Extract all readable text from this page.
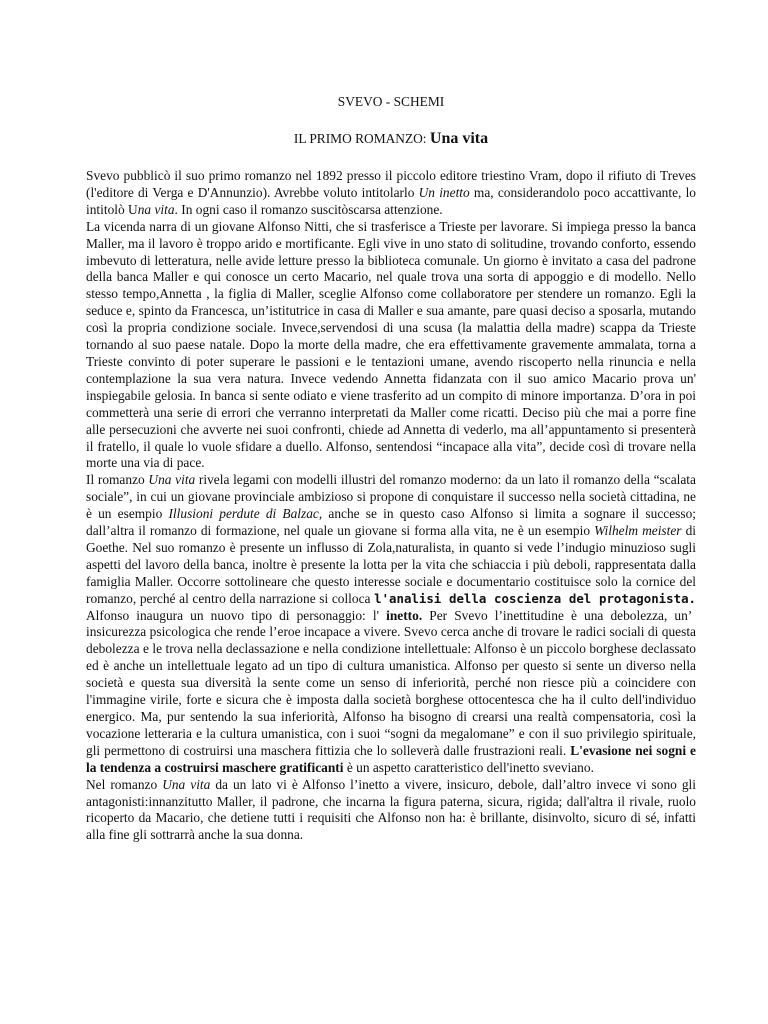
SVEVO - SCHEMI
IL PRIMO ROMANZO: Una vita

Svevo pubblicò il suo primo romanzo nel 1892 presso il piccolo editore triestino Vram, dopo il rifiuto di Treves (l'editore di Verga e D'Annunzio). Avrebbe voluto intitolarlo Un inetto ma, considerandolo poco accattivante, lo intitolò Una vita. In ogni caso il romanzo suscitòscarsa attenzione.

La vicenda narra di un giovane Alfonso Nitti, che si trasferisce a Trieste per lavorare. Si impiega presso la banca Maller, ma il lavoro è troppo arido e mortificante. Egli vive in uno stato di solitudine, trovando conforto, essendo imbevuto di letteratura, nelle avide letture presso la biblioteca comunale. Un giorno è invitato a casa del padrone della banca Maller e qui conosce un certo Macario, nel quale trova una sorta di appoggio e di modello. Nello stesso tempo,Annetta , la figlia di Maller, sceglie Alfonso come collaboratore per stendere un romanzo. Egli la seduce e, spinto da Francesca, un’istitutrice in casa di Maller e sua amante, pare quasi deciso a sposarla, mutando così la propria condizione sociale. Invece,servendosi di una scusa (la malattia della madre) scappa da Trieste tornando al suo paese natale. Dopo la morte della madre, che era effettivamente gravemente ammalata, torna a Trieste convinto di poter superare le passioni e le tentazioni umane, avendo riscoperto nella rinuncia e nella contemplazione la sua vera natura. Invece vedendo Annetta fidanzata con il suo amico Macario prova un' inspiegabile gelosia. In banca si sente odiato e viene trasferito ad un compito di minore importanza. D’ora in poi commetterà una serie di errori che verranno interpretati da Maller come ricatti. Deciso più che mai a porre fine alle persecuzioni che avverte nei suoi confronti, chiede ad Annetta di vederlo, ma all’appuntamento si presenterà il fratello, il quale lo vuole sfidare a duello. Alfonso, sentendosi “incapace alla vita”, decide così di trovare nella morte una via di pace.

Il romanzo Una vita rivela legami con modelli illustri del romanzo moderno: da un lato il romanzo della “scalata sociale”, in cui un giovane provinciale ambizioso si propone di conquistare il successo nella società cittadina, ne è un esempio Illusioni perdute di Balzac, anche se in questo caso Alfonso si limita a sognare il successo; dall’altra il romanzo di formazione, nel quale un giovane si forma alla vita, ne è un esempio Wilhelm meister di Goethe. Nel suo romanzo è presente un influsso di Zola,naturalista, in quanto si vede l’indugio minuzioso sugli aspetti del lavoro della banca, inoltre è presente la lotta per la vita che schiaccia i più deboli, rappresentata dalla famiglia Maller. Occorre sottolineare che questo interesse sociale e documentario costituisce solo la cornice del romanzo, perché al centro della narrazione si colloca l'analisi della coscienza del protagonista. Alfonso inaugura un nuovo tipo di personaggio: l' inetto. Per Svevo l’inettitudine è una debolezza, un’ insicurezza psicologica che rende l’eroe incapace a vivere. Svevo cerca anche di trovare le radici sociali di questa debolezza e le trova nella declassazione e nella condizione intellettuale: Alfonso è un piccolo borghese declassato ed è anche un intellettuale legato ad un tipo di cultura umanistica. Alfonso per questo si sente un diverso nella società e questa sua diversità la sente come un senso di inferiorità, perché non riesce più a coincidere con l'immagine virile, forte e sicura che è imposta dalla società borghese ottocentesca che ha il culto dell'individuo energico. Ma, pur sentendo la sua inferiorità, Alfonso ha bisogno di crearsi una realtà compensatoria, così la vocazione letteraria e la cultura umanistica, con i suoi “sogni da megalomane” e con il suo privilegio spirituale, gli permettono di costruirsi una maschera fittizia che lo solleverà dalle frustrazioni reali. L'evasione nei sogni e la tendenza a costruirsi maschere gratificanti è un aspetto caratteristico dell'inetto sveviano.

Nel romanzo Una vita da un lato vi è Alfonso l’inetto a vivere, insicuro, debole, dall’altro invece vi sono gli antagonisti:innanzitutto Maller, il padrone, che incarna la figura paterna, sicura, rigida; dall'altra il rivale, ruolo ricoperto da Macario, che detiene tutti i requisiti che Alfonso non ha: è brillante, disinvolto, sicuro di sé, infatti alla fine gli sottrarrà anche la sua donna.
